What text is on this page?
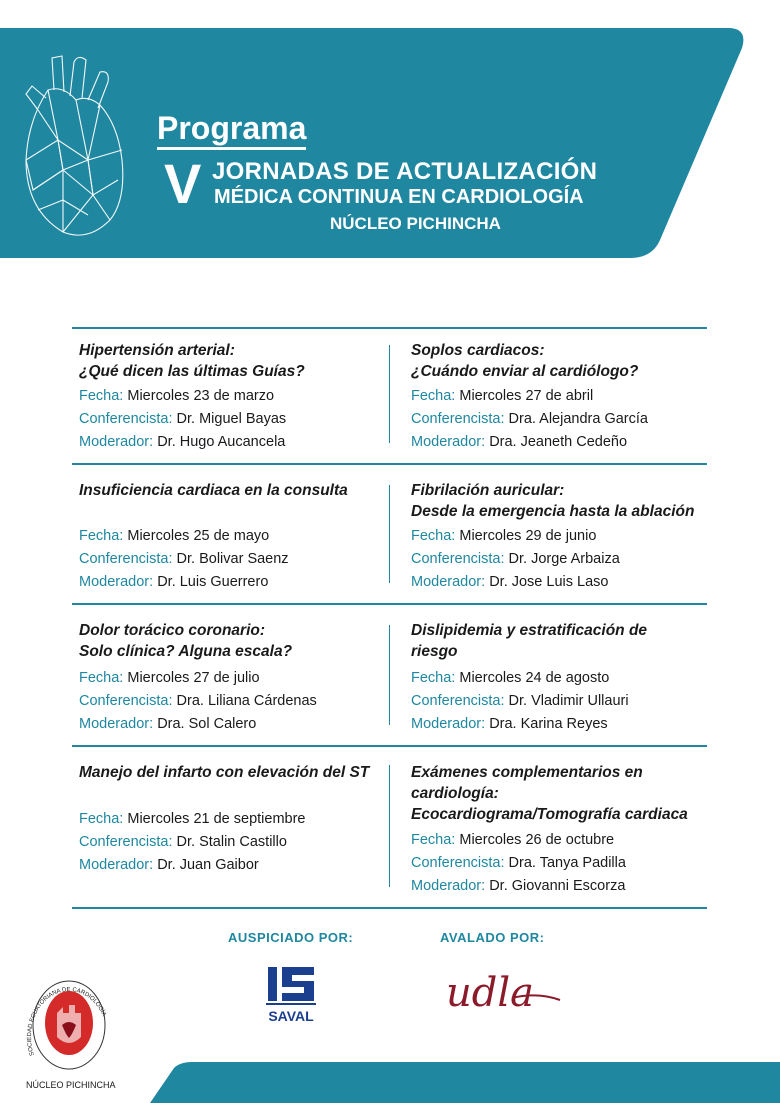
Programa
V JORNADAS DE ACTUALIZACIÓN
MÉDICA CONTINUA EN CARDIOLOGÍA
NÚCLEO PICHINCHA
Hipertensión arterial:
¿Qué dicen las últimas Guías?
Fecha: Miercoles 23 de marzo
Conferencista: Dr. Miguel Bayas
Moderador: Dr. Hugo Aucancela
Soplos cardiacos:
¿Cuándo enviar al cardiólogo?
Fecha: Miercoles 27 de abril
Conferencista: Dra. Alejandra García
Moderador: Dra. Jeaneth Cedeño
Insuficiencia cardiaca en la consulta
Fecha: Miercoles 25 de mayo
Conferencista: Dr. Bolivar Saenz
Moderador: Dr. Luis Guerrero
Fibrilación auricular:
Desde la emergencia hasta la ablación
Fecha: Miercoles 29 de junio
Conferencista: Dr. Jorge Arbaiza
Moderador: Dr. Jose Luis Laso
Dolor torácico coronario:
Solo clínica? Alguna escala?
Fecha: Miercoles 27 de julio
Conferencista: Dra. Liliana Cárdenas
Moderador: Dra. Sol Calero
Dislipidemia y estratificación de
riesgo
Fecha: Miercoles 24 de agosto
Conferencista: Dr. Vladimir Ullauri
Moderador: Dra. Karina Reyes
Manejo del infarto con elevación del ST
Fecha: Miercoles 21 de septiembre
Conferencista: Dr. Stalin Castillo
Moderador: Dr. Juan Gaibor
Exámenes complementarios en
cardiología:
Ecocardiograma/Tomografía cardiaca
Fecha: Miercoles 26 de octubre
Conferencista: Dra. Tanya Padilla
Moderador: Dr. Giovanni Escorza
AUSPICIADO POR:	AVALADO POR:
SAVAL	udla
SOCIEDAD ECUATORIANA DE CARDIOLOGÍA
NÚCLEO PICHINCHA
